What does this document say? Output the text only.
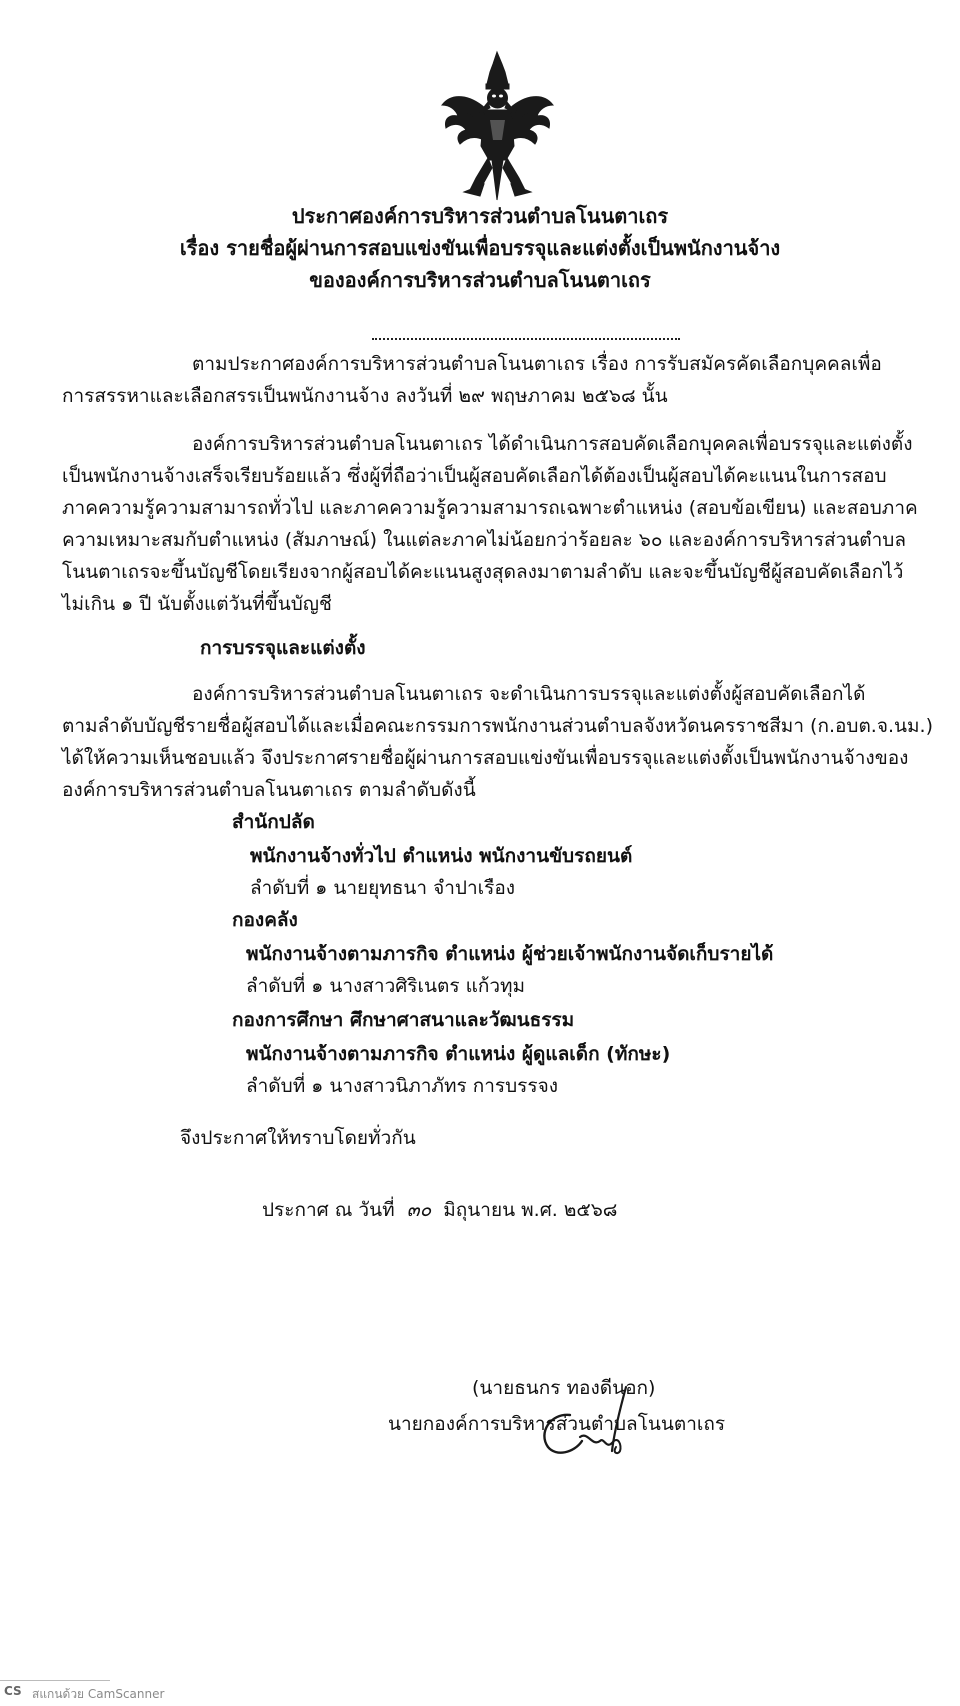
ประกาศองค์การบริหารส่วนตำบลโนนตาเถร
เรื่อง รายชื่อผู้ผ่านการสอบแข่งขันเพื่อบรรจุและแต่งตั้งเป็นพนักงานจ้าง
ขององค์การบริหารส่วนตำบลโนนตาเถร
ตามประกาศองค์การบริหารส่วนตำบลโนนตาเถร เรื่อง การรับสมัครคัดเลือกบุคคลเพื่อ
การสรรหาและเลือกสรรเป็นพนักงานจ้าง ลงวันที่ ๒๙ พฤษภาคม ๒๕๖๘ นั้น
องค์การบริหารส่วนตำบลโนนตาเถร ได้ดำเนินการสอบคัดเลือกบุคคลเพื่อบรรจุและแต่งตั้ง
เป็นพนักงานจ้างเสร็จเรียบร้อยแล้ว ซึ่งผู้ที่ถือว่าเป็นผู้สอบคัดเลือกได้ต้องเป็นผู้สอบได้คะแนนในการสอบ
ภาคความรู้ความสามารถทั่วไป และภาคความรู้ความสามารถเฉพาะตำแหน่ง (สอบข้อเขียน) และสอบภาค
ความเหมาะสมกับตำแหน่ง (สัมภาษณ์) ในแต่ละภาคไม่น้อยกว่าร้อยละ ๖๐ และองค์การบริหารส่วนตำบล
โนนตาเถรจะขึ้นบัญชีโดยเรียงจากผู้สอบได้คะแนนสูงสุดลงมาตามลำดับ และจะขึ้นบัญชีผู้สอบคัดเลือกไว้
ไม่เกิน ๑ ปี นับตั้งแต่วันที่ขึ้นบัญชี
การบรรจุและแต่งตั้ง
องค์การบริหารส่วนตำบลโนนตาเถร จะดำเนินการบรรจุและแต่งตั้งผู้สอบคัดเลือกได้
ตามลำดับบัญชีรายชื่อผู้สอบได้และเมื่อคณะกรรมการพนักงานส่วนตำบลจังหวัดนครราชสีมา (ก.อบต.จ.นม.)
ได้ให้ความเห็นชอบแล้ว จึงประกาศรายชื่อผู้ผ่านการสอบแข่งขันเพื่อบรรจุและแต่งตั้งเป็นพนักงานจ้างของ
องค์การบริหารส่วนตำบลโนนตาเถร ตามลำดับดังนี้
สำนักปลัด
พนักงานจ้างทั่วไป ตำแหน่ง พนักงานขับรถยนต์
ลำดับที่ ๑ นายยุทธนา จำปาเรือง
กองคลัง
พนักงานจ้างตามภารกิจ ตำแหน่ง ผู้ช่วยเจ้าพนักงานจัดเก็บรายได้
ลำดับที่ ๑ นางสาวศิริเนตร แก้วทุม
กองการศึกษา ศึกษาศาสนาและวัฒนธรรม
พนักงานจ้างตามภารกิจ ตำแหน่ง ผู้ดูแลเด็ก (ทักษะ)
ลำดับที่ ๑ นางสาวนิภาภัทร การบรรจง
จึงประกาศให้ทราบโดยทั่วกัน
ประกาศ ณ วันที่ ๓๐ มิถุนายน พ.ศ. ๒๕๖๘
(นายธนกร ทองดีนอก)
นายกองค์การบริหารส่วนตำบลโนนตาเถร
CS สแกนด้วย CamScanner
